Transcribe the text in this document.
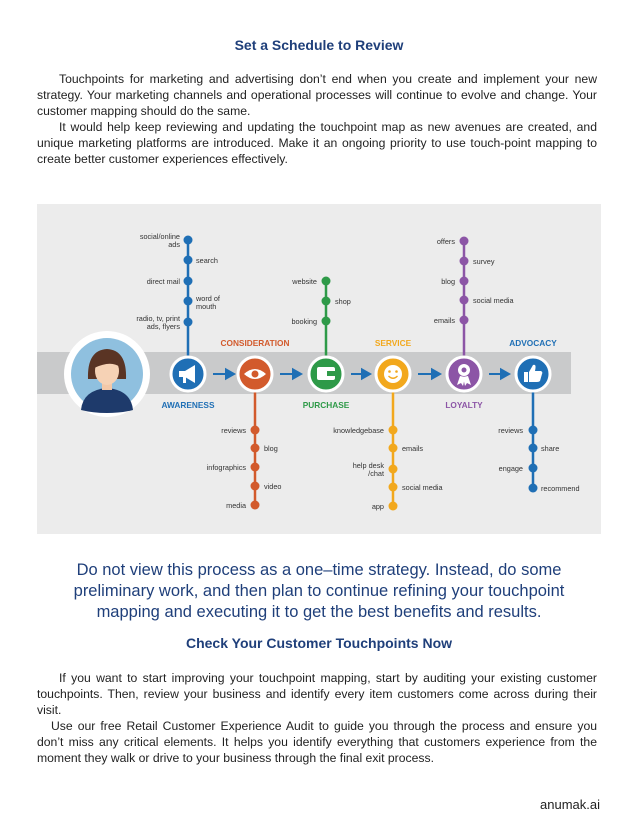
Set a Schedule to Review

Touchpoints for marketing and advertising don’t end when you create and implement your new strategy. Your marketing channels and operational processes will continue to evolve and change. Your customer mapping should do the same.

It would help keep reviewing and updating the touchpoint map as new avenues are created, and unique marketing platforms are introduced. Make it an ongoing priority to use touch-point mapping to create better customer experiences effectively.

social/online
ads
search
direct mail
word of
mouth
radio, tv, print
ads, flyers
reviews
blog
infographics
video
media
website
shop
booking
knowledgebase
emails
help desk
/chat
social media
app
offers
survey
blog
social media
emails
reviews
share
engage
recommend
AWARENESS
CONSIDERATION
PURCHASE
SERVICE
LOYALTY
ADVOCACY
Do not view this process as a one–time strategy. Instead, do some preliminary work, and then plan to continue refining your touchpoint mapping and executing it to get the best benefits and results.
Check Your Customer Touchpoints Now

If you want to start improving your touchpoint mapping, start by auditing your existing customer touchpoints. Then, review your business and identify every item customers come across during their visit.

Use our free Retail Customer Experience Audit to guide you through the process and ensure you don’t miss any critical elements. It helps you identify everything that customers experience from the moment they walk or drive to your business through the final exit process.

anumak.ai
